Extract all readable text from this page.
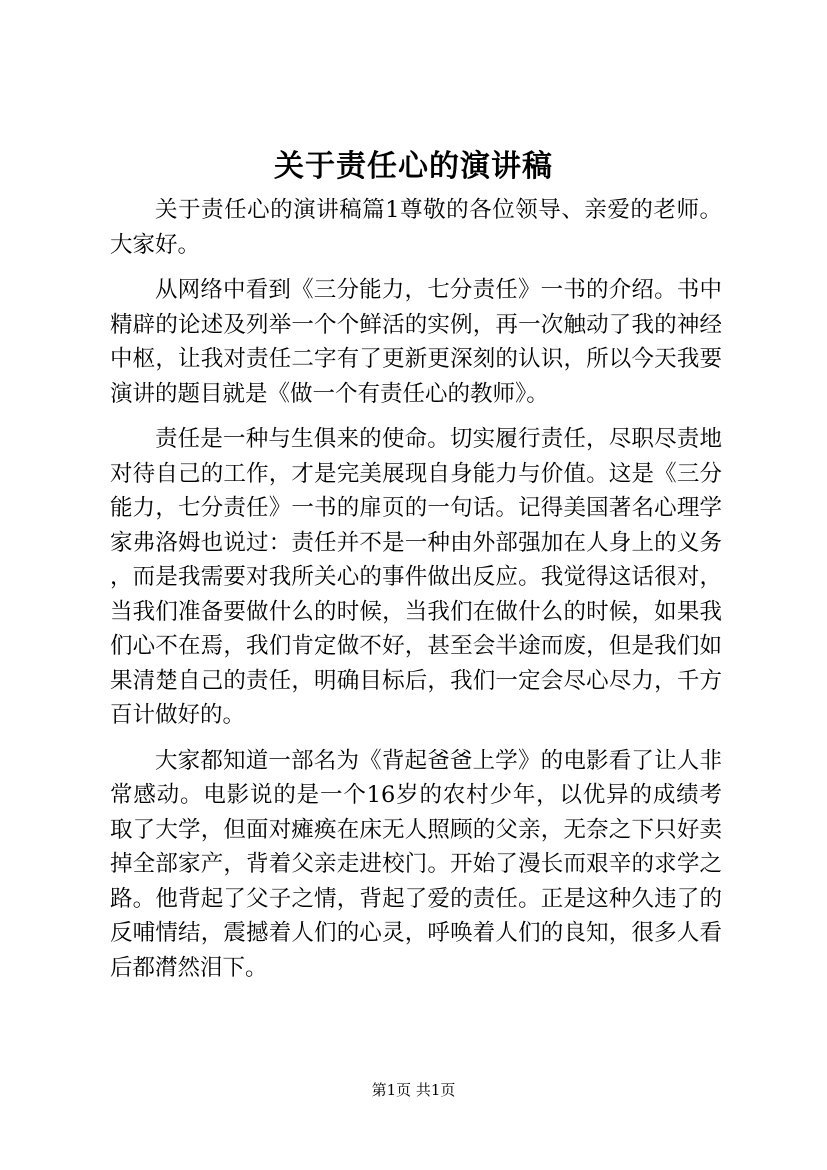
关于责任心的演讲稿

关于责任心的演讲稿篇1尊敬的各位领导、亲爱的老师。大家好。

从网络中看到《三分能力，七分责任》一书的介绍。书中精辟的论述及列举一个个鲜活的实例，再一次触动了我的神经中枢，让我对责任二字有了更新更深刻的认识，所以今天我要演讲的题目就是《做一个有责任心的教师》。

责任是一种与生俱来的使命。切实履行责任，尽职尽责地对待自己的工作，才是完美展现自身能力与价值。这是《三分能力，七分责任》一书的扉页的一句话。记得美国著名心理学家弗洛姆也说过：责任并不是一种由外部强加在人身上的义务，而是我需要对我所关心的事件做出反应。我觉得这话很对，当我们准备要做什么的时候，当我们在做什么的时候，如果我们心不在焉，我们肯定做不好，甚至会半途而废，但是我们如果清楚自己的责任，明确目标后，我们一定会尽心尽力，千方百计做好的。

大家都知道一部名为《背起爸爸上学》的电影看了让人非常感动。电影说的是一个16岁的农村少年，以优异的成绩考取了大学，但面对瘫痪在床无人照顾的父亲，无奈之下只好卖掉全部家产，背着父亲走进校门。开始了漫长而艰辛的求学之路。他背起了父子之情，背起了爱的责任。正是这种久违了的反哺情结，震撼着人们的心灵，呼唤着人们的良知，很多人看后都潸然泪下。

第1页 共1页
